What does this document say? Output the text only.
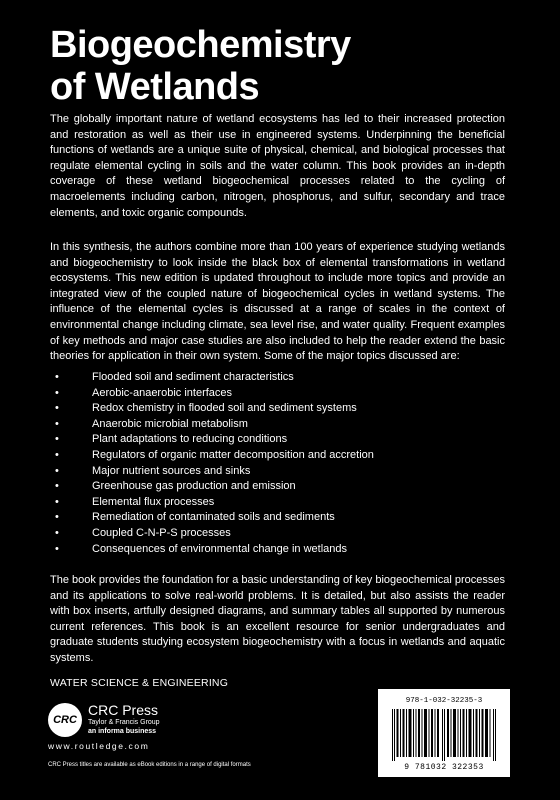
Biogeochemistry
of Wetlands
The globally important nature of wetland ecosystems has led to their increased protection and restoration as well as their use in engineered systems. Underpinning the beneficial functions of wetlands are a unique suite of physical, chemical, and biological processes that regulate elemental cycling in soils and the water column. This book provides an in-depth coverage of these wetland biogeochemical processes related to the cycling of macroelements including carbon, nitrogen, phosphorus, and sulfur, secondary and trace elements, and toxic organic compounds.
In this synthesis, the authors combine more than 100 years of experience studying wetlands and biogeochemistry to look inside the black box of elemental transformations in wetland ecosystems. This new edition is updated throughout to include more topics and provide an integrated view of the coupled nature of biogeochemical cycles in wetland systems. The influence of the elemental cycles is discussed at a range of scales in the context of environmental change including climate, sea level rise, and water quality. Frequent examples of key methods and major case studies are also included to help the reader extend the basic theories for application in their own system. Some of the major topics discussed are:
•	Flooded soil and sediment characteristics
•	Aerobic-anaerobic interfaces
•	Redox chemistry in flooded soil and sediment systems
•	Anaerobic microbial metabolism
•	Plant adaptations to reducing conditions
•	Regulators of organic matter decomposition and accretion
•	Major nutrient sources and sinks
•	Greenhouse gas production and emission
•	Elemental flux processes
•	Remediation of contaminated soils and sediments
•	Coupled C-N-P-S processes
•	Consequences of environmental change in wetlands
The book provides the foundation for a basic understanding of key biogeochemical processes and its applications to solve real-world problems. It is detailed, but also assists the reader with box inserts, artfully designed diagrams, and summary tables all supported by numerous current references. This book is an excellent resource for senior undergraduates and graduate students studying ecosystem biogeochemistry with a focus in wetlands and aquatic systems.
WATER SCIENCE & ENGINEERING
CRC
CRC Press
Taylor & Francis Group
an informa business
www.routledge.com
CRC Press titles are available as eBook editions in a range of digital formats
978-1-032-32235-3
9 781032 322353
